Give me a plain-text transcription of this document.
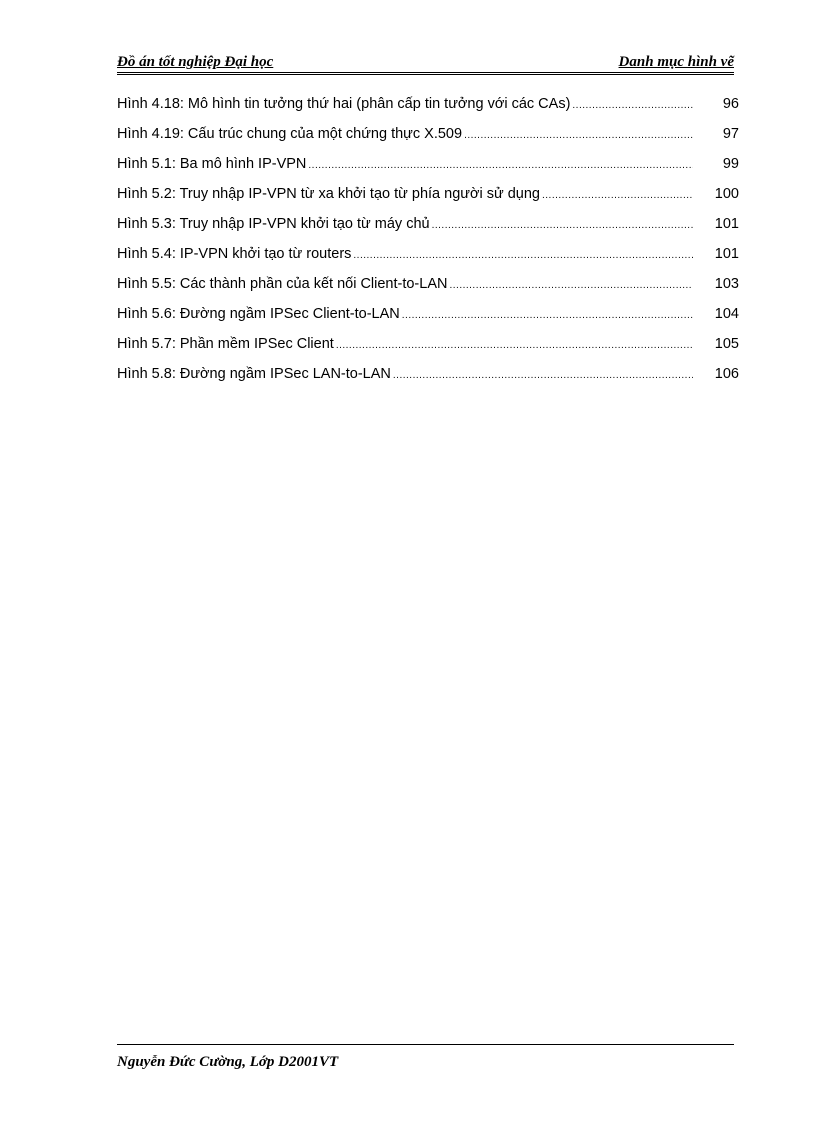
Đồ án tốt nghiệp Đại học	Danh mục hình vẽ
Hình 4.18: Mô hình tin tưởng thứ hai (phân cấp tin tưởng với các CAs) .....	96
Hình 4.19: Cấu trúc chung của một chứng thực X.509 .....	97
Hình 5.1: Ba mô hình IP-VPN .....	99
Hình 5.2: Truy nhập IP-VPN từ xa khởi tạo từ phía người sử dụng .....	100
Hình 5.3: Truy nhập IP-VPN khởi tạo từ máy chủ .....	101
Hình 5.4: IP-VPN khởi tạo từ routers .....	101
Hình 5.5: Các thành phần của kết nối Client-to-LAN .....	103
Hình 5.6: Đường ngầm IPSec Client-to-LAN .....	104
Hình 5.7: Phần mềm IPSec Client .....	105
Hình 5.8: Đường ngầm IPSec LAN-to-LAN .....	106
Nguyễn Đức Cường, Lớp D2001VT
